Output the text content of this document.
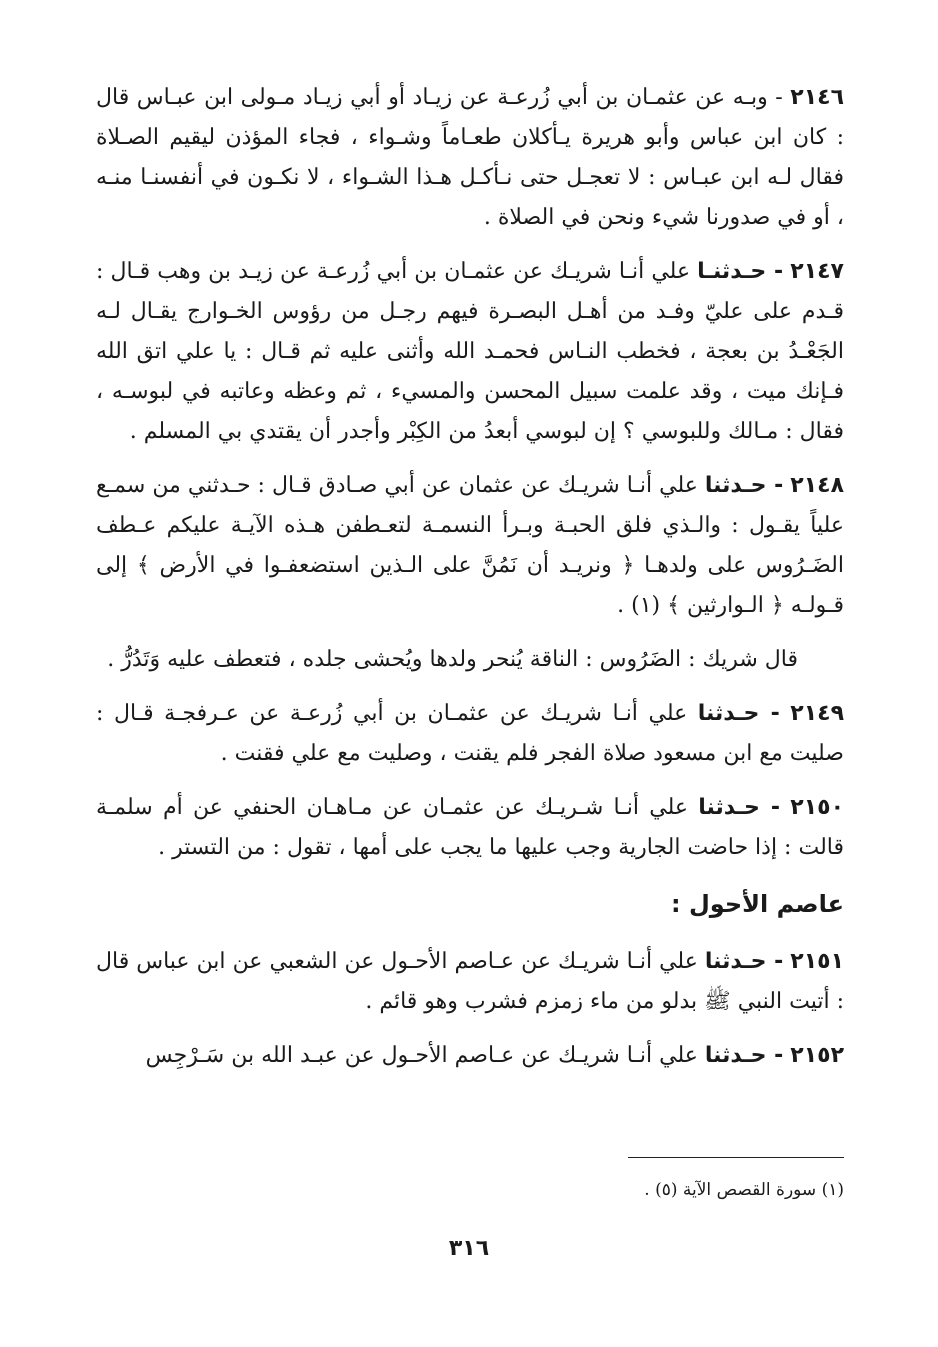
٢١٤٦ - وبـه عن عثمـان بن أبي زُرعـة عن زيـاد أو أبي زيـاد مـولى ابن عبـاس قال : كان ابن عباس وأبو هريرة يـأكلان طعـاماً وشـواء ، فجاء المؤذن ليقيم الصـلاة فقال لـه ابن عبـاس : لا تعجـل حتى نـأكـل هـذا الشـواء ، لا نكـون في أنفسنـا منـه ، أو في صدورنا شيء ونحن في الصلاة .

٢١٤٧ - حـدثنـا علي أنـا شريـك عن عثمـان بن أبي زُرعـة عن زيـد بن وهب قـال : قـدم على عليّ وفـد من أهـل البصـرة فيهم رجـل من رؤوس الخـوارج يقـال لـه الجَعْـدُ بن بعجة ، فخطب النـاس فحمـد الله وأثنى عليه ثم قـال : يا علي اتق الله فـإنك ميت ، وقد علمت سبيل المحسن والمسيء ، ثم وعظه وعاتبه في لبوسـه ، فقال : مـالك وللبوسي ؟ إن لبوسي أبعدُ من الكِبْر وأجدر أن يقتدي بي المسلم .

٢١٤٨ - حـدثنا علي أنـا شريـك عن عثمان عن أبي صـادق قـال : حـدثني من سمـع علياً يقـول : والـذي فلق الحبـة وبـرأ النسمـة لتعـطفن هـذه الآيـة عليكم عـطف الضَـرُوس على ولدهـا ﴿ ونريـد أن نَمُنَّ على الـذين استضعفـوا في الأرض ﴾ إلى قـولـه ﴿ الـوارثين ﴾ (١) .

قال شريك : الضَرُوس : الناقة يُنحر ولدها ويُحشى جلده ، فتعطف عليه وَتَدُرُّ .

٢١٤٩ - حـدثنا علي أنـا شريـك عن عثمـان بن أبي زُرعـة عن عـرفجـة قـال : صليت مع ابن مسعود صلاة الفجر فلم يقنت ، وصليت مع علي فقنت .

٢١٥٠ - حـدثنا علي أنـا شـريـك عن عثمـان عن مـاهـان الحنفي عن أم سلمـة قالت : إذا حاضت الجارية وجب عليها ما يجب على أمها ، تقول : من التستر .

عاصم الأحول :

٢١٥١ - حـدثنا علي أنـا شريـك عن عـاصم الأحـول عن الشعبي عن ابن عباس قال : أتيت النبي ﷺ بدلو من ماء زمزم فشرب وهو قائم .

٢١٥٢ - حـدثنا علي أنـا شريـك عن عـاصم الأحـول عن عبـد الله بن سَـرْجِس

(١) سورة القصص الآية (٥) .
٣١٦
